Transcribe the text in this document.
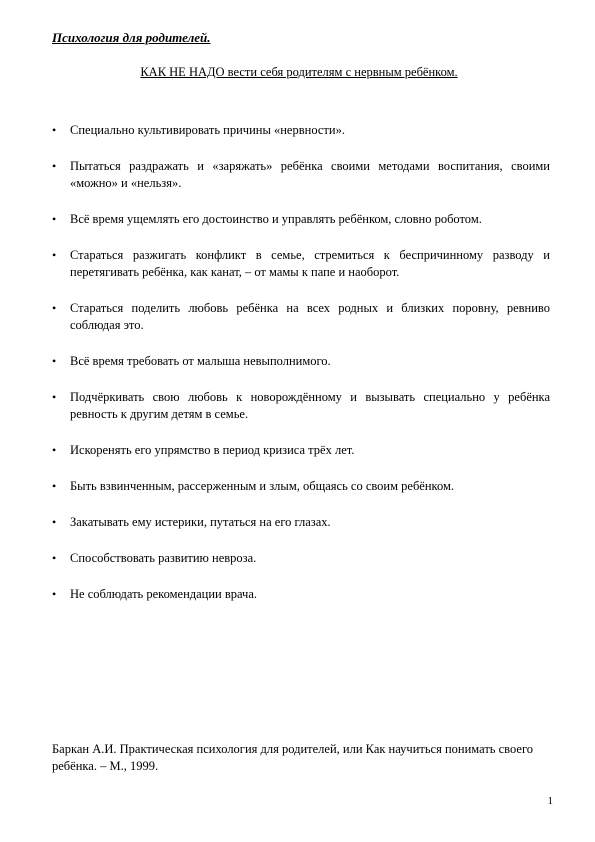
Психология для родителей.
КАК НЕ НАДО вести себя родителям с нервным ребёнком.
•	Специально культивировать причины «нервности».
•	Пытаться раздражать и «заряжать» ребёнка своими методами воспитания, своими «можно» и «нельзя».
•	Всё время ущемлять его достоинство и управлять ребёнком, словно роботом.
•	Стараться разжигать конфликт в семье, стремиться к беспричинному разводу и перетягивать ребёнка, как канат, – от мамы к папе и наоборот.
•	Стараться поделить любовь ребёнка на всех родных и близких поровну, ревниво соблюдая это.
•	Всё время требовать от малыша невыполнимого.
•	Подчёркивать свою любовь к новорождённому и вызывать специально у ребёнка ревность к другим детям в семье.
•	Искоренять его упрямство в период кризиса трёх лет.
•	Быть взвинченным, рассерженным и злым, общаясь со своим ребёнком.
•	Закатывать ему истерики, путаться на его глазах.
•	Способствовать развитию невроза.
•	Не соблюдать рекомендации врача.
Баркан А.И. Практическая психология для родителей, или Как научиться понимать своего ребёнка. – М., 1999.
1
